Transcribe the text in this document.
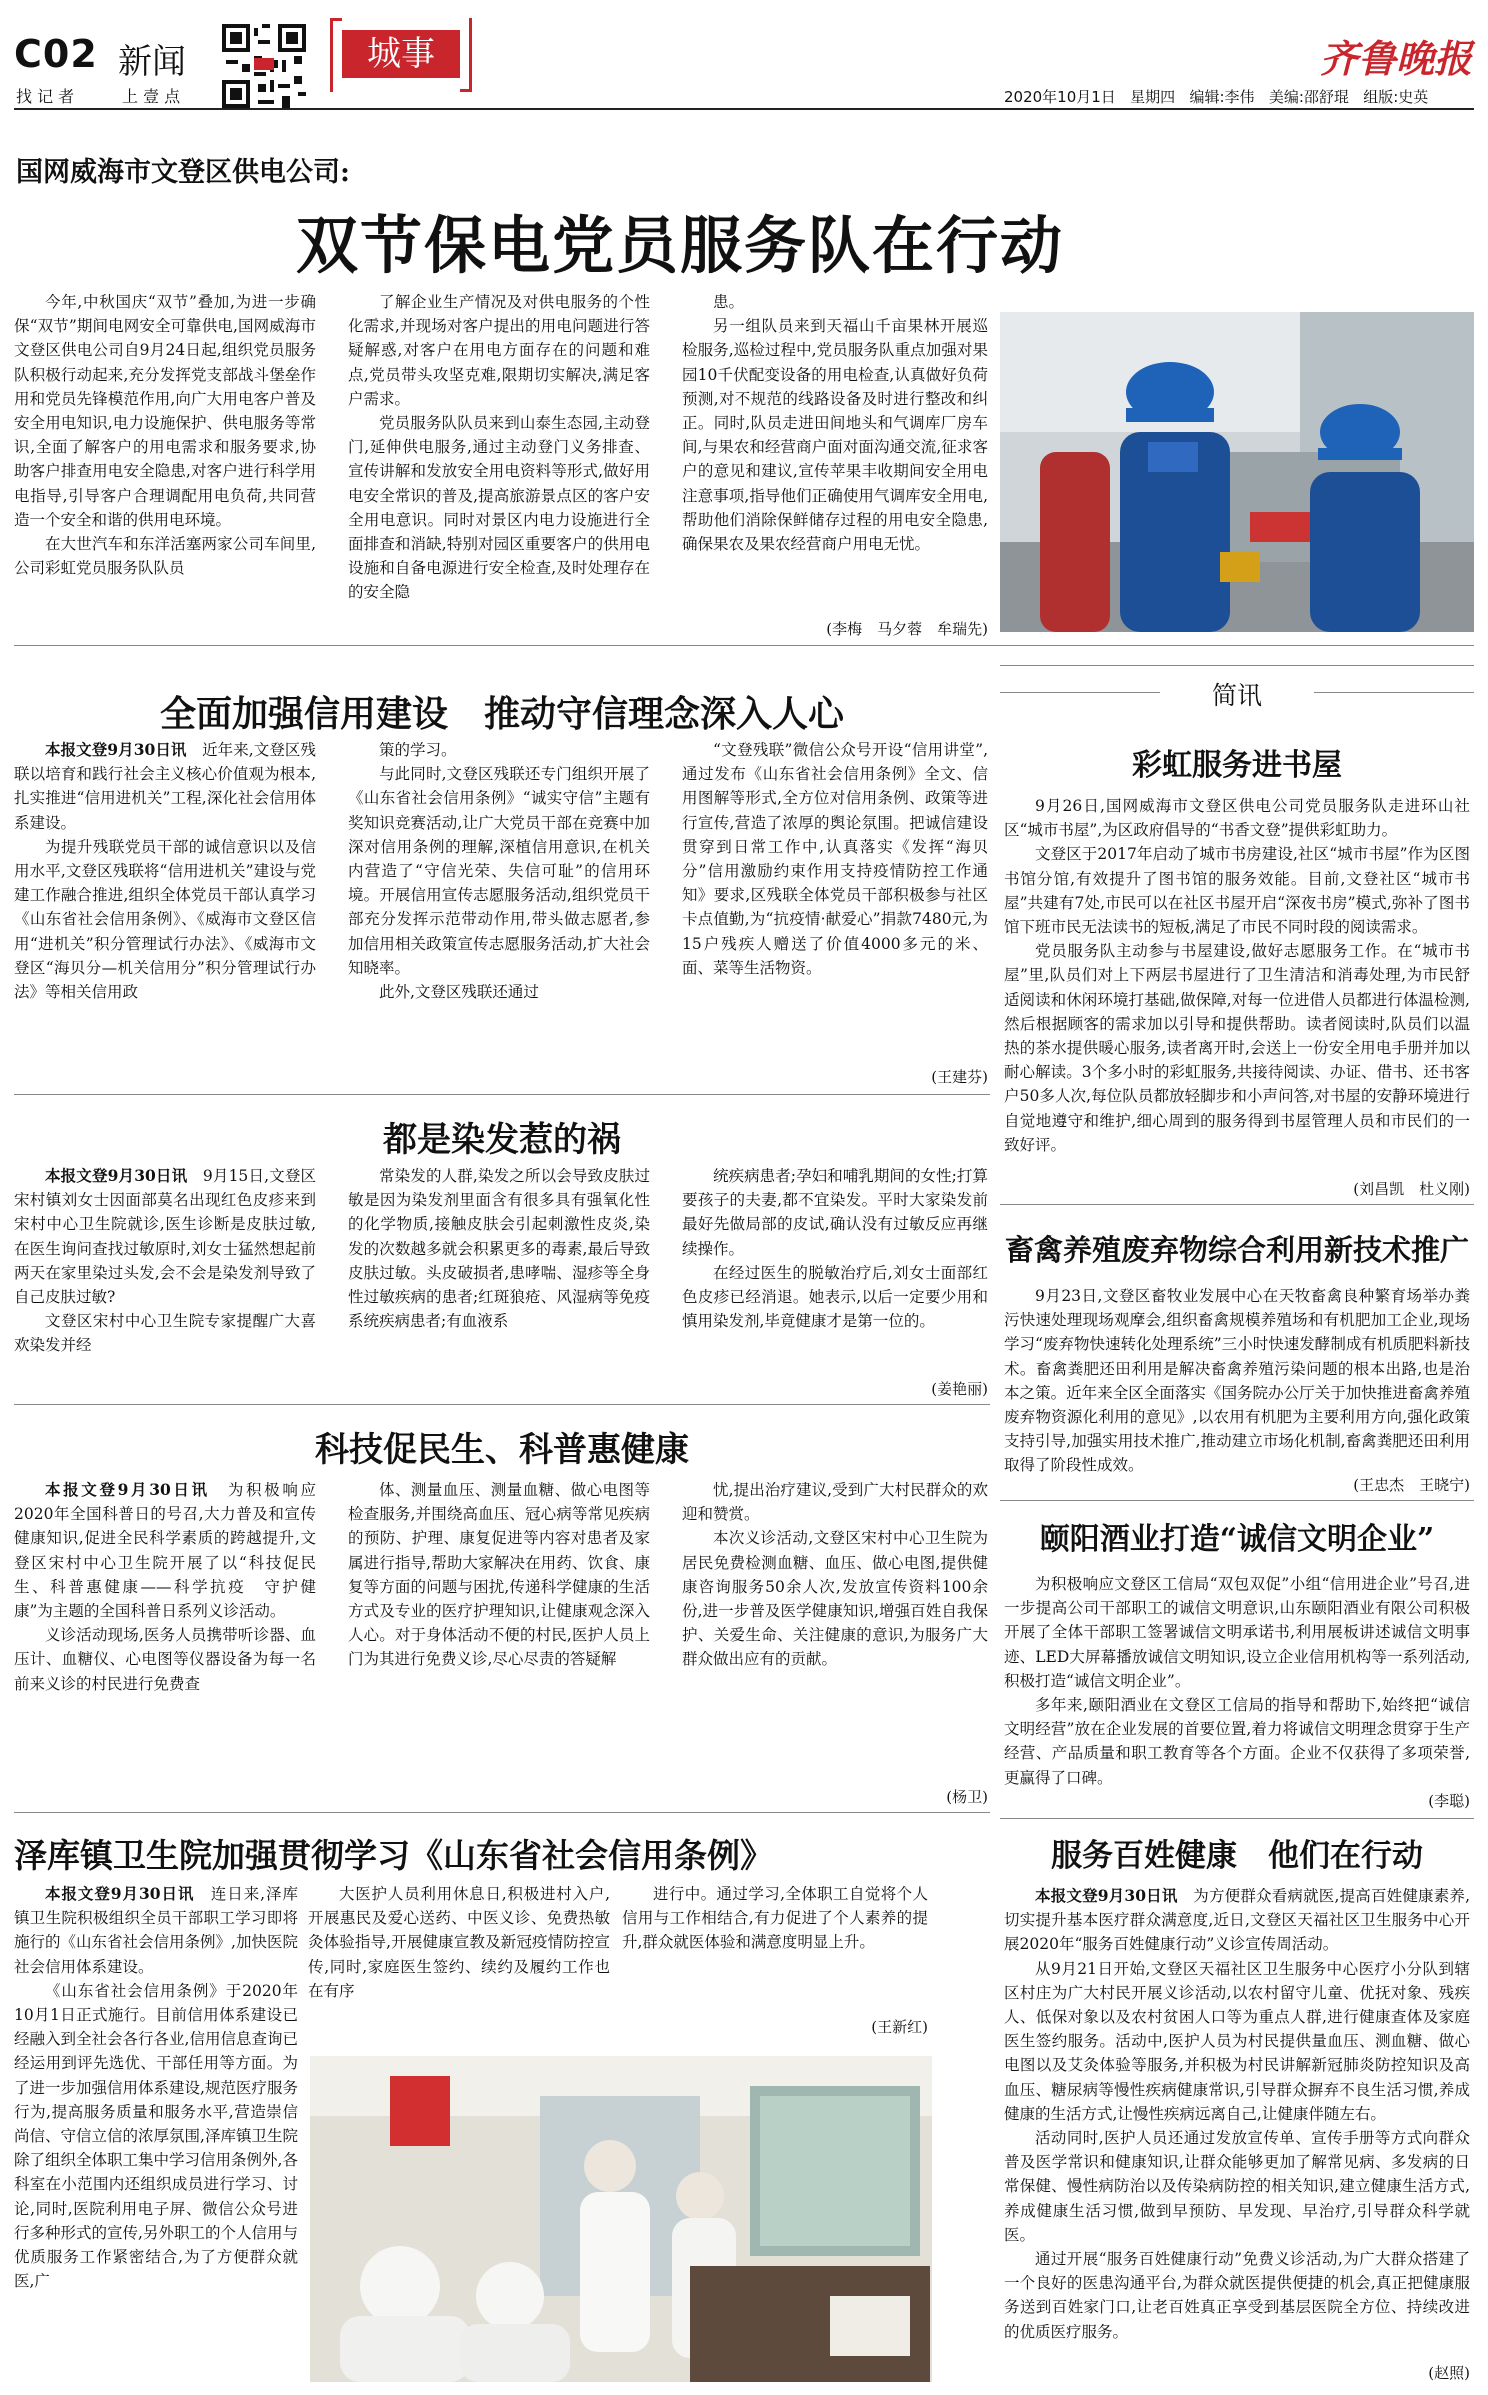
C02 新闻
找 记 者	上 壹 点
城事	齐鲁晚报
2020年10月1日 星期四 编辑:李伟 美编:邵舒琨 组版:史英
国网威海市文登区供电公司:
双节保电党员服务队在行动

今年,中秋国庆“双节”叠加,为进一步确保“双节”期间电网安全可靠供电,国网威海市文登区供电公司自9月24日起,组织党员服务队积极行动起来,充分发挥党支部战斗堡垒作用和党员先锋模范作用,向广大用电客户普及安全用电知识,电力设施保护、供电服务等常识,全面了解客户的用电需求和服务要求,协助客户排查用电安全隐患,对客户进行科学用电指导,引导客户合理调配用电负荷,共同营造一个安全和谐的供用电环境。

在大世汽车和东洋活塞两家公司车间里,公司彩虹党员服务队队员

了解企业生产情况及对供电服务的个性化需求,并现场对客户提出的用电问题进行答疑解惑,对客户在用电方面存在的问题和难点,党员带头攻坚克难,限期切实解决,满足客户需求。

党员服务队队员来到山泰生态园,主动登门,延伸供电服务,通过主动登门义务排查、宣传讲解和发放安全用电资料等形式,做好用电安全常识的普及,提高旅游景点区的客户安全用电意识。同时对景区内电力设施进行全面排查和消缺,特别对园区重要客户的供用电设施和自备电源进行安全检查,及时处理存在的安全隐

患。

另一组队员来到天福山千亩果林开展巡检服务,巡检过程中,党员服务队重点加强对果园10千伏配变设备的用电检查,认真做好负荷预测,对不规范的线路设备及时进行整改和纠正。同时,队员走进田间地头和气调库厂房车间,与果农和经营商户面对面沟通交流,征求客户的意见和建议,宣传苹果丰收期间安全用电注意事项,指导他们正确使用气调库安全用电,帮助他们消除保鲜储存过程的用电安全隐患,确保果农及果农经营商户用电无忧。

(李梅　马夕蓉　牟瑞先)
全面加强信用建设　推动守信理念深入人心

本报文登9月30日讯　 近年来,文登区残联以培育和践行社会主义核心价值观为根本,扎实推进“信用进机关”工程,深化社会信用体系建设。

为提升残联党员干部的诚信意识以及信用水平,文登区残联将“信用进机关”建设与党建工作融合推进,组织全体党员干部认真学习《山东省社会信用条例》、《威海市文登区信用“进机关”积分管理试行办法》、《威海市文登区“海贝分—机关信用分”积分管理试行办法》等相关信用政

策的学习。

与此同时,文登区残联还专门组织开展了《山东省社会信用条例》“诚实守信”主题有奖知识竞赛活动,让广大党员干部在竞赛中加深对信用条例的理解,深植信用意识,在机关内营造了“守信光荣、失信可耻”的信用环境。开展信用宣传志愿服务活动,组织党员干部充分发挥示范带动作用,带头做志愿者,参加信用相关政策宣传志愿服务活动,扩大社会知晓率。

此外,文登区残联还通过

“文登残联”微信公众号开设“信用讲堂”,通过发布《山东省社会信用条例》全文、信用图解等形式,全方位对信用条例、政策等进行宣传,营造了浓厚的舆论氛围。把诚信建设贯穿到日常工作中,认真落实《发挥“海贝分”信用激励约束作用支持疫情防控工作通知》要求,区残联全体党员干部积极参与社区卡点值勤,为“抗疫情·献爱心”捐款7480元,为15户残疾人赠送了价值4000多元的米、面、菜等生活物资。

(王建芬)
都是染发惹的祸

本报文登9月30日讯　 9月15日,文登区宋村镇刘女士因面部莫名出现红色皮疹来到宋村中心卫生院就诊,医生诊断是皮肤过敏,在医生询问查找过敏原时,刘女士猛然想起前两天在家里染过头发,会不会是染发剂导致了自己皮肤过敏?

文登区宋村中心卫生院专家提醒广大喜欢染发并经

常染发的人群,染发之所以会导致皮肤过敏是因为染发剂里面含有很多具有强氧化性的化学物质,接触皮肤会引起刺激性皮炎,染发的次数越多就会积累更多的毒素,最后导致皮肤过敏。头皮破损者,患哮喘、湿疹等全身性过敏疾病的患者;红斑狼疮、风湿病等免疫系统疾病患者;有血液系

统疾病患者;孕妇和哺乳期间的女性;打算要孩子的夫妻,都不宜染发。平时大家染发前最好先做局部的皮试,确认没有过敏反应再继续操作。

在经过医生的脱敏治疗后,刘女士面部红色皮疹已经消退。她表示,以后一定要少用和慎用染发剂,毕竟健康才是第一位的。

(姜艳丽)
科技促民生、科普惠健康

本报文登9月30日讯　 为积极响应2020年全国科普日的号召,大力普及和宣传健康知识,促进全民科学素质的跨越提升,文登区宋村中心卫生院开展了以“科技促民生、科普惠健康——科学抗疫　守护健康”为主题的全国科普日系列义诊活动。

义诊活动现场,医务人员携带听诊器、血压计、血糖仪、心电图等仪器设备为每一名前来义诊的村民进行免费查

体、测量血压、测量血糖、做心电图等检查服务,并围绕高血压、冠心病等常见疾病的预防、护理、康复促进等内容对患者及家属进行指导,帮助大家解决在用药、饮食、康复等方面的问题与困扰,传递科学健康的生活方式及专业的医疗护理知识,让健康观念深入人心。对于身体活动不便的村民,医护人员上门为其进行免费义诊,尽心尽责的答疑解

忧,提出治疗建议,受到广大村民群众的欢迎和赞赏。

本次义诊活动,文登区宋村中心卫生院为居民免费检测血糖、血压、做心电图,提供健康咨询服务50余人次,发放宣传资料100余份,进一步普及医学健康知识,增强百姓自我保护、关爱生命、关注健康的意识,为服务广大群众做出应有的贡献。

(杨卫)
泽库镇卫生院加强贯彻学习《山东省社会信用条例》

本报文登9月30日讯　 连日来,泽库镇卫生院积极组织全员干部职工学习即将施行的《山东省社会信用条例》,加快医院社会信用体系建设。

《山东省社会信用条例》于2020年10月1日正式施行。目前信用体系建设已经融入到全社会各行各业,信用信息查询已经运用到评先选优、干部任用等方面。为了进一步加强信用体系建设,规范医疗服务行为,提高服务质量和服务水平,营造崇信尚信、守信立信的浓厚氛围,泽库镇卫生院除了组织全体职工集中学习信用条例外,各科室在小范围内还组织成员进行学习、讨论,同时,医院利用电子屏、微信公众号进行多种形式的宣传,另外职工的个人信用与优质服务工作紧密结合,为了方便群众就医,广

大医护人员利用休息日,积极进村入户,开展惠民及爱心送药、中医义诊、免费热敏灸体验指导,开展健康宣教及新冠疫情防控宣传,同时,家庭医生签约、续约及履约工作也在有序

进行中。通过学习,全体职工自觉将个人信用与工作相结合,有力促进了个人素养的提升,群众就医体验和满意度明显上升。

(王新红)
简讯
彩虹服务进书屋

9月26日,国网威海市文登区供电公司党员服务队走进环山社区“城市书屋”,为区政府倡导的“书香文登”提供彩虹助力。

文登区于2017年启动了城市书房建设,社区“城市书屋”作为区图书馆分馆,有效提升了图书馆的服务效能。目前,文登社区“城市书屋”共建有7处,市民可以在社区书屋开启“深夜书房”模式,弥补了图书馆下班市民无法读书的短板,满足了市民不同时段的阅读需求。

党员服务队主动参与书屋建设,做好志愿服务工作。在“城市书屋”里,队员们对上下两层书屋进行了卫生清洁和消毒处理,为市民舒适阅读和休闲环境打基础,做保障,对每一位进借人员都进行体温检测,然后根据顾客的需求加以引导和提供帮助。读者阅读时,队员们以温热的茶水提供暖心服务,读者离开时,会送上一份安全用电手册并加以耐心解读。3个多小时的彩虹服务,共接待阅读、办证、借书、还书客户50多人次,每位队员都放轻脚步和小声问答,对书屋的安静环境进行自觉地遵守和维护,细心周到的服务得到书屋管理人员和市民们的一致好评。

(刘昌凯　杜义刚)
畜禽养殖废弃物综合利用新技术推广

9月23日,文登区畜牧业发展中心在天牧畜禽良种繁育场举办粪污快速处理现场观摩会,组织畜禽规模养殖场和有机肥加工企业,现场学习“废弃物快速转化处理系统”三小时快速发酵制成有机质肥料新技术。畜禽粪肥还田利用是解决畜禽养殖污染问题的根本出路,也是治本之策。近年来全区全面落实《国务院办公厅关于加快推进畜禽养殖废弃物资源化利用的意见》,以农用有机肥为主要利用方向,强化政策支持引导,加强实用技术推广,推动建立市场化机制,畜禽粪肥还田利用取得了阶段性成效。

(王忠杰　王晓宁)
颐阳酒业打造“诚信文明企业”

为积极响应文登区工信局“双包双促”小组“信用进企业”号召,进一步提高公司干部职工的诚信文明意识,山东颐阳酒业有限公司积极开展了全体干部职工签署诚信文明承诺书,利用展板讲述诚信文明事迹、LED大屏幕播放诚信文明知识,设立企业信用机构等一系列活动,积极打造“诚信文明企业”。

多年来,颐阳酒业在文登区工信局的指导和帮助下,始终把“诚信文明经营”放在企业发展的首要位置,着力将诚信文明理念贯穿于生产经营、产品质量和职工教育等各个方面。企业不仅获得了多项荣誉,更赢得了口碑。

(李聪)
服务百姓健康　他们在行动

本报文登9月30日讯　 为方便群众看病就医,提高百姓健康素养,切实提升基本医疗群众满意度,近日,文登区天福社区卫生服务中心开展2020年“服务百姓健康行动”义诊宣传周活动。

从9月21日开始,文登区天福社区卫生服务中心医疗小分队到辖区村庄为广大村民开展义诊活动,以农村留守儿童、优抚对象、残疾人、低保对象以及农村贫困人口等为重点人群,进行健康查体及家庭医生签约服务。活动中,医护人员为村民提供量血压、测血糖、做心电图以及艾灸体验等服务,并积极为村民讲解新冠肺炎防控知识及高血压、糖尿病等慢性疾病健康常识,引导群众摒弃不良生活习惯,养成健康的生活方式,让慢性疾病远离自己,让健康伴随左右。

活动同时,医护人员还通过发放宣传单、宣传手册等方式向群众普及医学常识和健康知识,让群众能够更加了解常见病、多发病的日常保健、慢性病防治以及传染病防控的相关知识,建立健康生活方式,养成健康生活习惯,做到早预防、早发现、早治疗,引导群众科学就医。

通过开展“服务百姓健康行动”免费义诊活动,为广大群众搭建了一个良好的医患沟通平台,为群众就医提供便捷的机会,真正把健康服务送到百姓家门口,让老百姓真正享受到基层医院全方位、持续改进的优质医疗服务。

(赵照)
